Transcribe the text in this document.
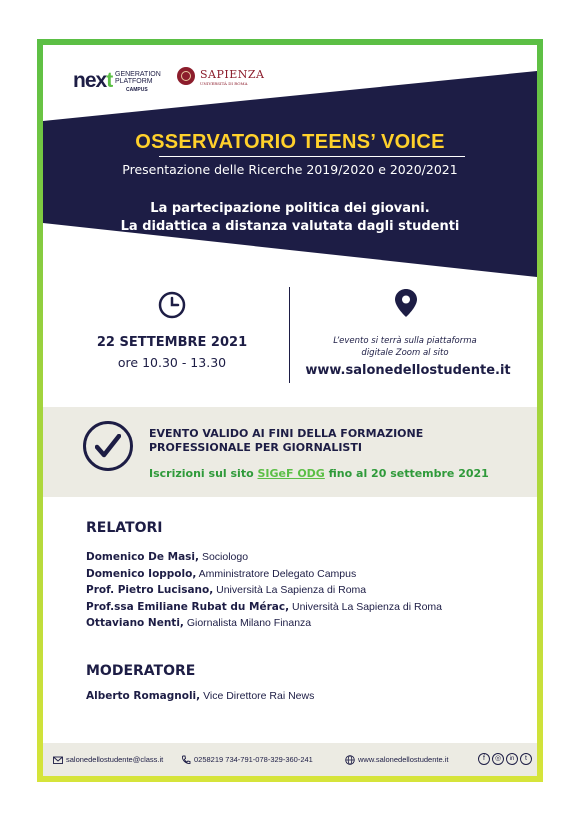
next GENERATION
PLATFORM
CAMPUS
SAPIENZA
UNIVERSITÀ DI ROMA
OSSERVATORIO TEENS’ VOICE
Presentazione delle Ricerche 2019/2020 e 2020/2021
La partecipazione politica dei giovani.
La didattica a distanza valutata dagli studenti
22 SETTEMBRE 2021
ore 10.30 - 13.30
L’evento si terrà sulla piattaforma
digitale Zoom al sito
www.salonedellostudente.it
EVENTO VALIDO AI FINI DELLA FORMAZIONE
PROFESSIONALE PER GIORNALISTI
Iscrizioni sul sito SIGeF ODG fino al 20 settembre 2021
RELATORI
Domenico De Masi, Sociologo
Domenico Ioppolo, Amministratore Delegato Campus
Prof. Pietro Lucisano, Università La Sapienza di Roma
Prof.ssa Emiliane Rubat du Mérac, Università La Sapienza di Roma
Ottaviano Nenti, Giornalista Milano Finanza
MODERATORE
Alberto Romagnoli, Vice Direttore Rai News
salonedellostudente@class.it	0258219 734-791-078-329-360-241	www.salonedellostudente.it	f	◎	in	t
